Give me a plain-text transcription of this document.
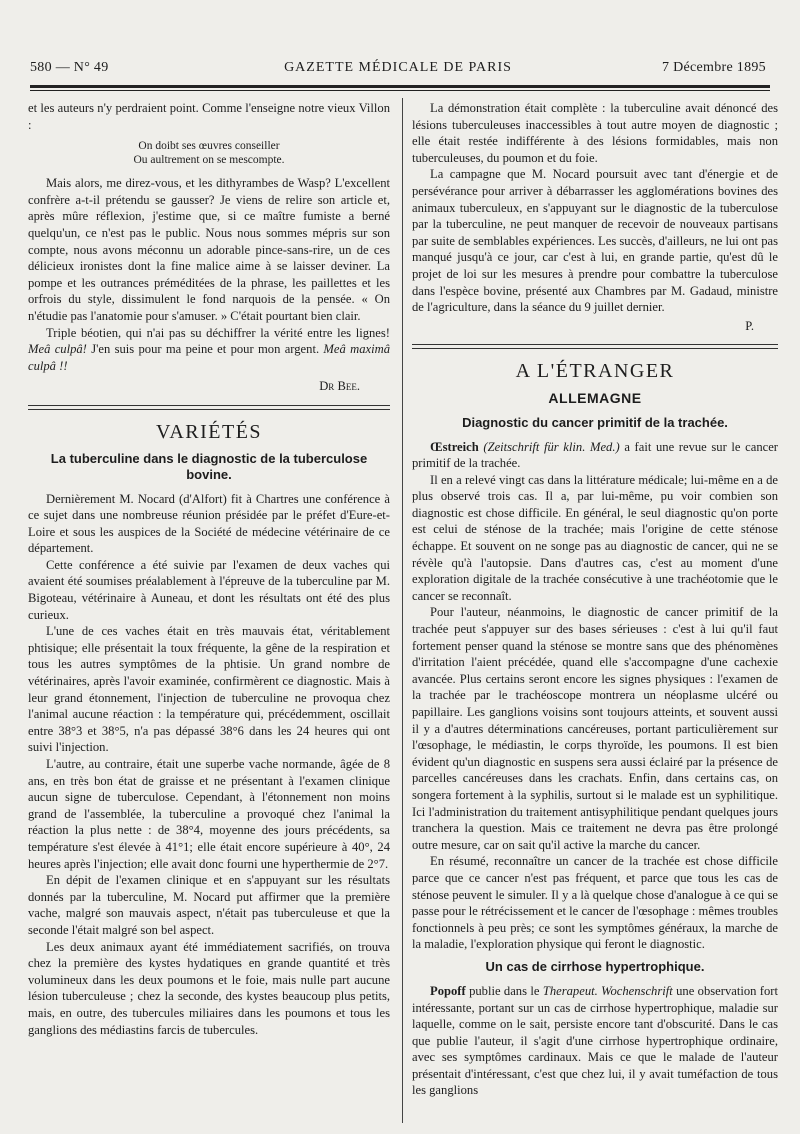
580 — N° 49	GAZETTE MÉDICALE DE PARIS	7 Décembre 1895

et les auteurs n'y perdraient point. Comme l'enseigne notre vieux Villon :

On doibt ses œuvres conseiller
Ou aultrement on se mescompte.

Mais alors, me direz-vous, et les dithyrambes de Wasp? L'excellent confrère a-t-il prétendu se gausser? Je viens de relire son article et, après mûre réflexion, j'estime que, si ce maître fumiste a berné quelqu'un, ce n'est pas le public. Nous nous sommes mépris sur son compte, nous avons méconnu un adorable pince-sans-rire, un de ces délicieux ironistes dont la fine malice aime à se laisser deviner. La pompe et les outrances préméditées de la phrase, les paillettes et les orfrois du style, dissimulent le fond narquois de la pensée. « On n'étudie pas l'anatomie pour s'amuser. » C'était pourtant bien clair.

Triple béotien, qui n'ai pas su déchiffrer la vérité entre les lignes! Meâ culpâ! J'en suis pour ma peine et pour mon argent. Meâ maximâ culpâ !!

Dr Bee.
VARIÉTÉS
La tuberculine dans le diagnostic de la tuberculose bovine.

Dernièrement M. Nocard (d'Alfort) fit à Chartres une conférence à ce sujet dans une nombreuse réunion présidée par le préfet d'Eure-et-Loire et sous les auspices de la Société de médecine vétérinaire de ce département.

Cette conférence a été suivie par l'examen de deux vaches qui avaient été soumises préalablement à l'épreuve de la tuberculine par M. Bigoteau, vétérinaire à Auneau, et dont les résultats ont été des plus curieux.

L'une de ces vaches était en très mauvais état, véritablement phtisique; elle présentait la toux fréquente, la gêne de la respiration et tous les autres symptômes de la phtisie. Un grand nombre de vétérinaires, après l'avoir examinée, confirmèrent ce diagnostic. Mais à leur grand étonnement, l'injection de tuberculine ne provoqua chez l'animal aucune réaction : la température qui, précédemment, oscillait entre 38°3 et 38°5, n'a pas dépassé 38°6 dans les 24 heures qui ont suivi l'injection.

L'autre, au contraire, était une superbe vache normande, âgée de 8 ans, en très bon état de graisse et ne présentant à l'examen clinique aucun signe de tuberculose. Cependant, à l'étonnement non moins grand de l'assemblée, la tuberculine a provoqué chez l'animal la réaction la plus nette : de 38°4, moyenne des jours précédents, sa température s'est élevée à 41°1; elle était encore supérieure à 40°, 24 heures après l'injection; elle avait donc fourni une hyperthermie de 2°7.

En dépit de l'examen clinique et en s'appuyant sur les résultats donnés par la tuberculine, M. Nocard put affirmer que la première vache, malgré son mauvais aspect, n'était pas tuberculeuse et que la seconde l'était malgré son bel aspect.

Les deux animaux ayant été immédiatement sacrifiés, on trouva chez la première des kystes hydatiques en grande quantité et très volumineux dans les deux poumons et le foie, mais nulle part aucune lésion tuberculeuse ; chez la seconde, des kystes beaucoup plus petits, mais, en outre, des tubercules miliaires dans les poumons et tous les ganglions des médiastins farcis de tubercules.

La démonstration était complète : la tuberculine avait dénoncé des lésions tuberculeuses inaccessibles à tout autre moyen de diagnostic ; elle était restée indifférente à des lésions formidables, mais non tuberculeuses, du poumon et du foie.

La campagne que M. Nocard poursuit avec tant d'énergie et de persévérance pour arriver à débarrasser les agglomérations bovines des animaux tuberculeux, en s'appuyant sur le diagnostic de la tuberculose par la tuberculine, ne peut manquer de recevoir de nouveaux partisans par suite de semblables expériences. Les succès, d'ailleurs, ne lui ont pas manqué jusqu'à ce jour, car c'est à lui, en grande partie, qu'est dû le projet de loi sur les mesures à prendre pour combattre la tuberculose dans l'espèce bovine, présenté aux Chambres par M. Gadaud, ministre de l'agriculture, dans la séance du 9 juillet dernier.

P.
A L'ÉTRANGER
ALLEMAGNE
Diagnostic du cancer primitif de la trachée.

Œstreich (Zeitschrift für klin. Med.) a fait une revue sur le cancer primitif de la trachée.

Il en a relevé vingt cas dans la littérature médicale; lui-même en a de plus observé trois cas. Il a, par lui-même, pu voir combien son diagnostic est chose difficile. En général, le seul diagnostic qu'on porte est celui de sténose de la trachée; mais l'origine de cette sténose échappe. Et souvent on ne songe pas au diagnostic de cancer, qui ne se révèle qu'à l'autopsie. Dans d'autres cas, c'est au moment d'une exploration digitale de la trachée consécutive à une trachéotomie que le cancer se reconnaît.

Pour l'auteur, néanmoins, le diagnostic de cancer primitif de la trachée peut s'appuyer sur des bases sérieuses : c'est à lui qu'il faut fortement penser quand la sténose se montre sans que des phénomènes d'irritation l'aient précédée, quand elle s'accompagne d'une cachexie avancée. Plus certains seront encore les signes physiques : l'examen de la trachée par le trachéoscope montrera un néoplasme ulcéré ou papillaire. Les ganglions voisins sont toujours atteints, et souvent aussi il y a d'autres déterminations cancéreuses, portant particulièrement sur l'œsophage, le médiastin, le corps thyroïde, les poumons. Il est bien évident qu'un diagnostic en suspens sera aussi éclairé par la présence de parcelles cancéreuses dans les crachats. Enfin, dans certains cas, on songera fortement à la syphilis, surtout si le malade est un syphilitique. Ici l'administration du traitement antisyphilitique pendant quelques jours tranchera la question. Mais ce traitement ne devra pas être prolongé outre mesure, car on sait qu'il active la marche du cancer.

En résumé, reconnaître un cancer de la trachée est chose difficile parce que ce cancer n'est pas fréquent, et parce que tous les cas de sténose peuvent le simuler. Il y a là quelque chose d'analogue à ce qui se passe pour le rétrécissement et le cancer de l'œsophage : mêmes troubles fonctionnels à peu près; ce sont les symptômes généraux, la marche de la maladie, l'exploration physique qui feront le diagnostic.

Un cas de cirrhose hypertrophique.

Popoff publie dans le Therapeut. Wochenschrift une observation fort intéressante, portant sur un cas de cirrhose hypertrophique, maladie sur laquelle, comme on le sait, persiste encore tant d'obscurité. Dans le cas que publie l'auteur, il s'agit d'une cirrhose hypertrophique ordinaire, avec ses symptômes cardinaux. Mais ce que le malade de l'auteur présentait d'intéressant, c'est que chez lui, il y avait tuméfaction de tous les ganglions
